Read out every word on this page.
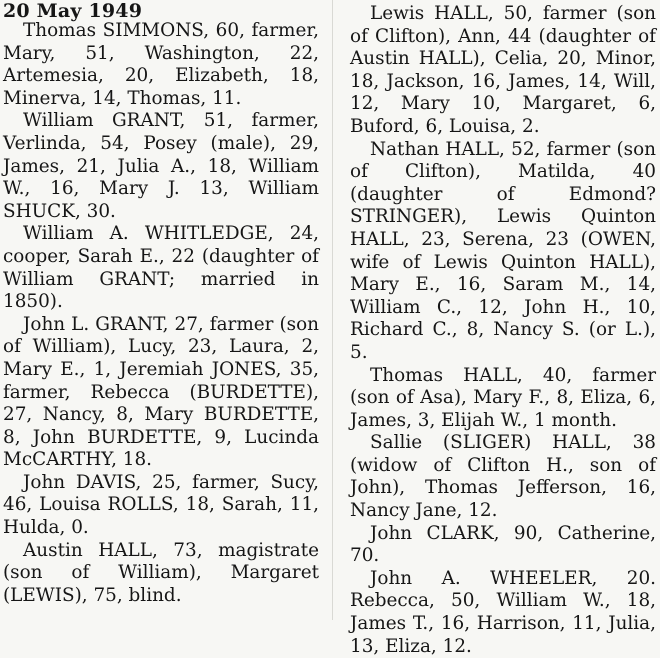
20 May 1949

Thomas SIMMONS, 60, farmer, Mary, 51, Washington, 22, Artemesia, 20, Elizabeth, 18, Minerva, 14, Thomas, 11.

William GRANT, 51, farmer, Verlinda, 54, Posey (male), 29, James, 21, Julia A., 18, William W., 16, Mary J. 13, William SHUCK, 30.

William A. WHITLEDGE, 24, cooper, Sarah E., 22 (daughter of William GRANT; married in 1850).

John L. GRANT, 27, farmer (son of William), Lucy, 23, Laura, 2, Mary E., 1, Jeremiah JONES, 35, farmer, Rebecca (BURDETTE), 27, Nancy, 8, Mary BURDETTE, 8, John BURDETTE, 9, Lucinda McCARTHY, 18.

John DAVIS, 25, farmer, Sucy, 46, Louisa ROLLS, 18, Sarah, 11, Hulda, 0.

Austin HALL, 73, magistrate (son of William), Margaret (LEWIS), 75, blind.

Lewis HALL, 50, farmer (son of Clifton), Ann, 44 (daughter of Austin HALL), Celia, 20, Minor, 18, Jackson, 16, James, 14, Will, 12, Mary 10, Margaret, 6, Buford, 6, Louisa, 2.

Nathan HALL, 52, farmer (son of Clifton), Matilda, 40 (daughter of Edmond? STRINGER), Lewis Quinton HALL, 23, Serena, 23 (OWEN, wife of Lewis Quinton HALL), Mary E., 16, Saram M., 14, William C., 12, John H., 10, Richard C., 8, Nancy S. (or L.), 5.

Thomas HALL, 40, farmer (son of Asa), Mary F., 8, Eliza, 6, James, 3, Elijah W., 1 month.

Sallie (SLIGER) HALL, 38 (widow of Clifton H., son of John), Thomas Jefferson, 16, Nancy Jane, 12.

John CLARK, 90, Catherine, 70.

John A. WHEELER, 20. Rebecca, 50, William W., 18, James T., 16, Harrison, 11, Julia, 13, Eliza, 12.
